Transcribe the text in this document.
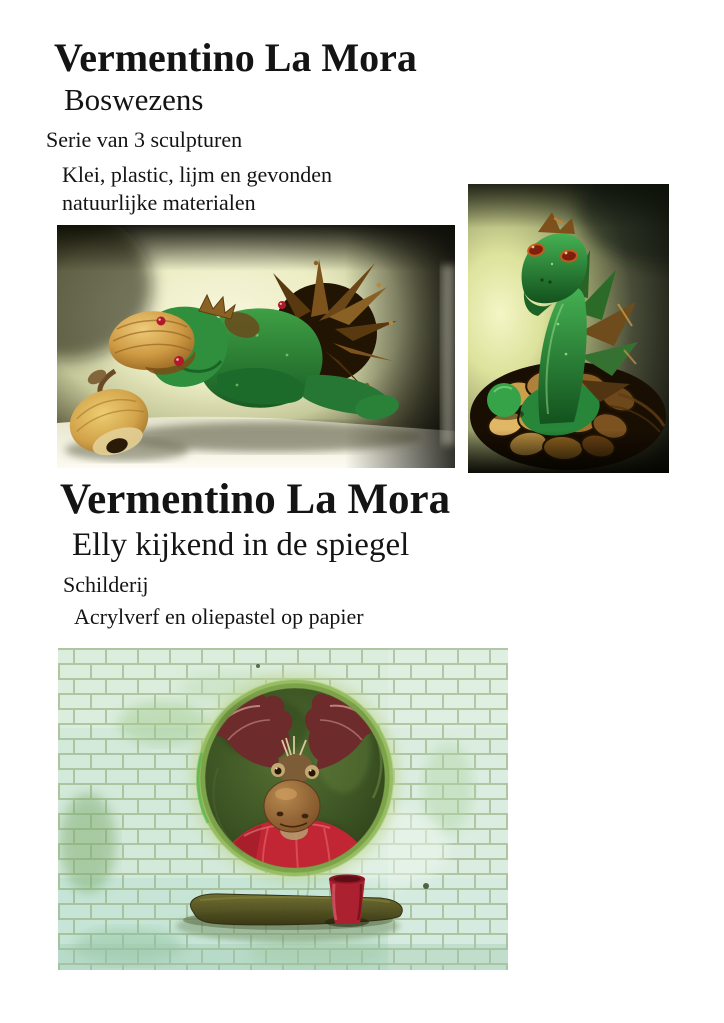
Vermentino La Mora
Boswezens

Serie van 3 sculpturen

Klei, plastic, lijm en gevonden
natuurlijke materialen

Vermentino La Mora
Elly kijkend in de spiegel

Schilderij

Acrylverf en oliepastel op papier
